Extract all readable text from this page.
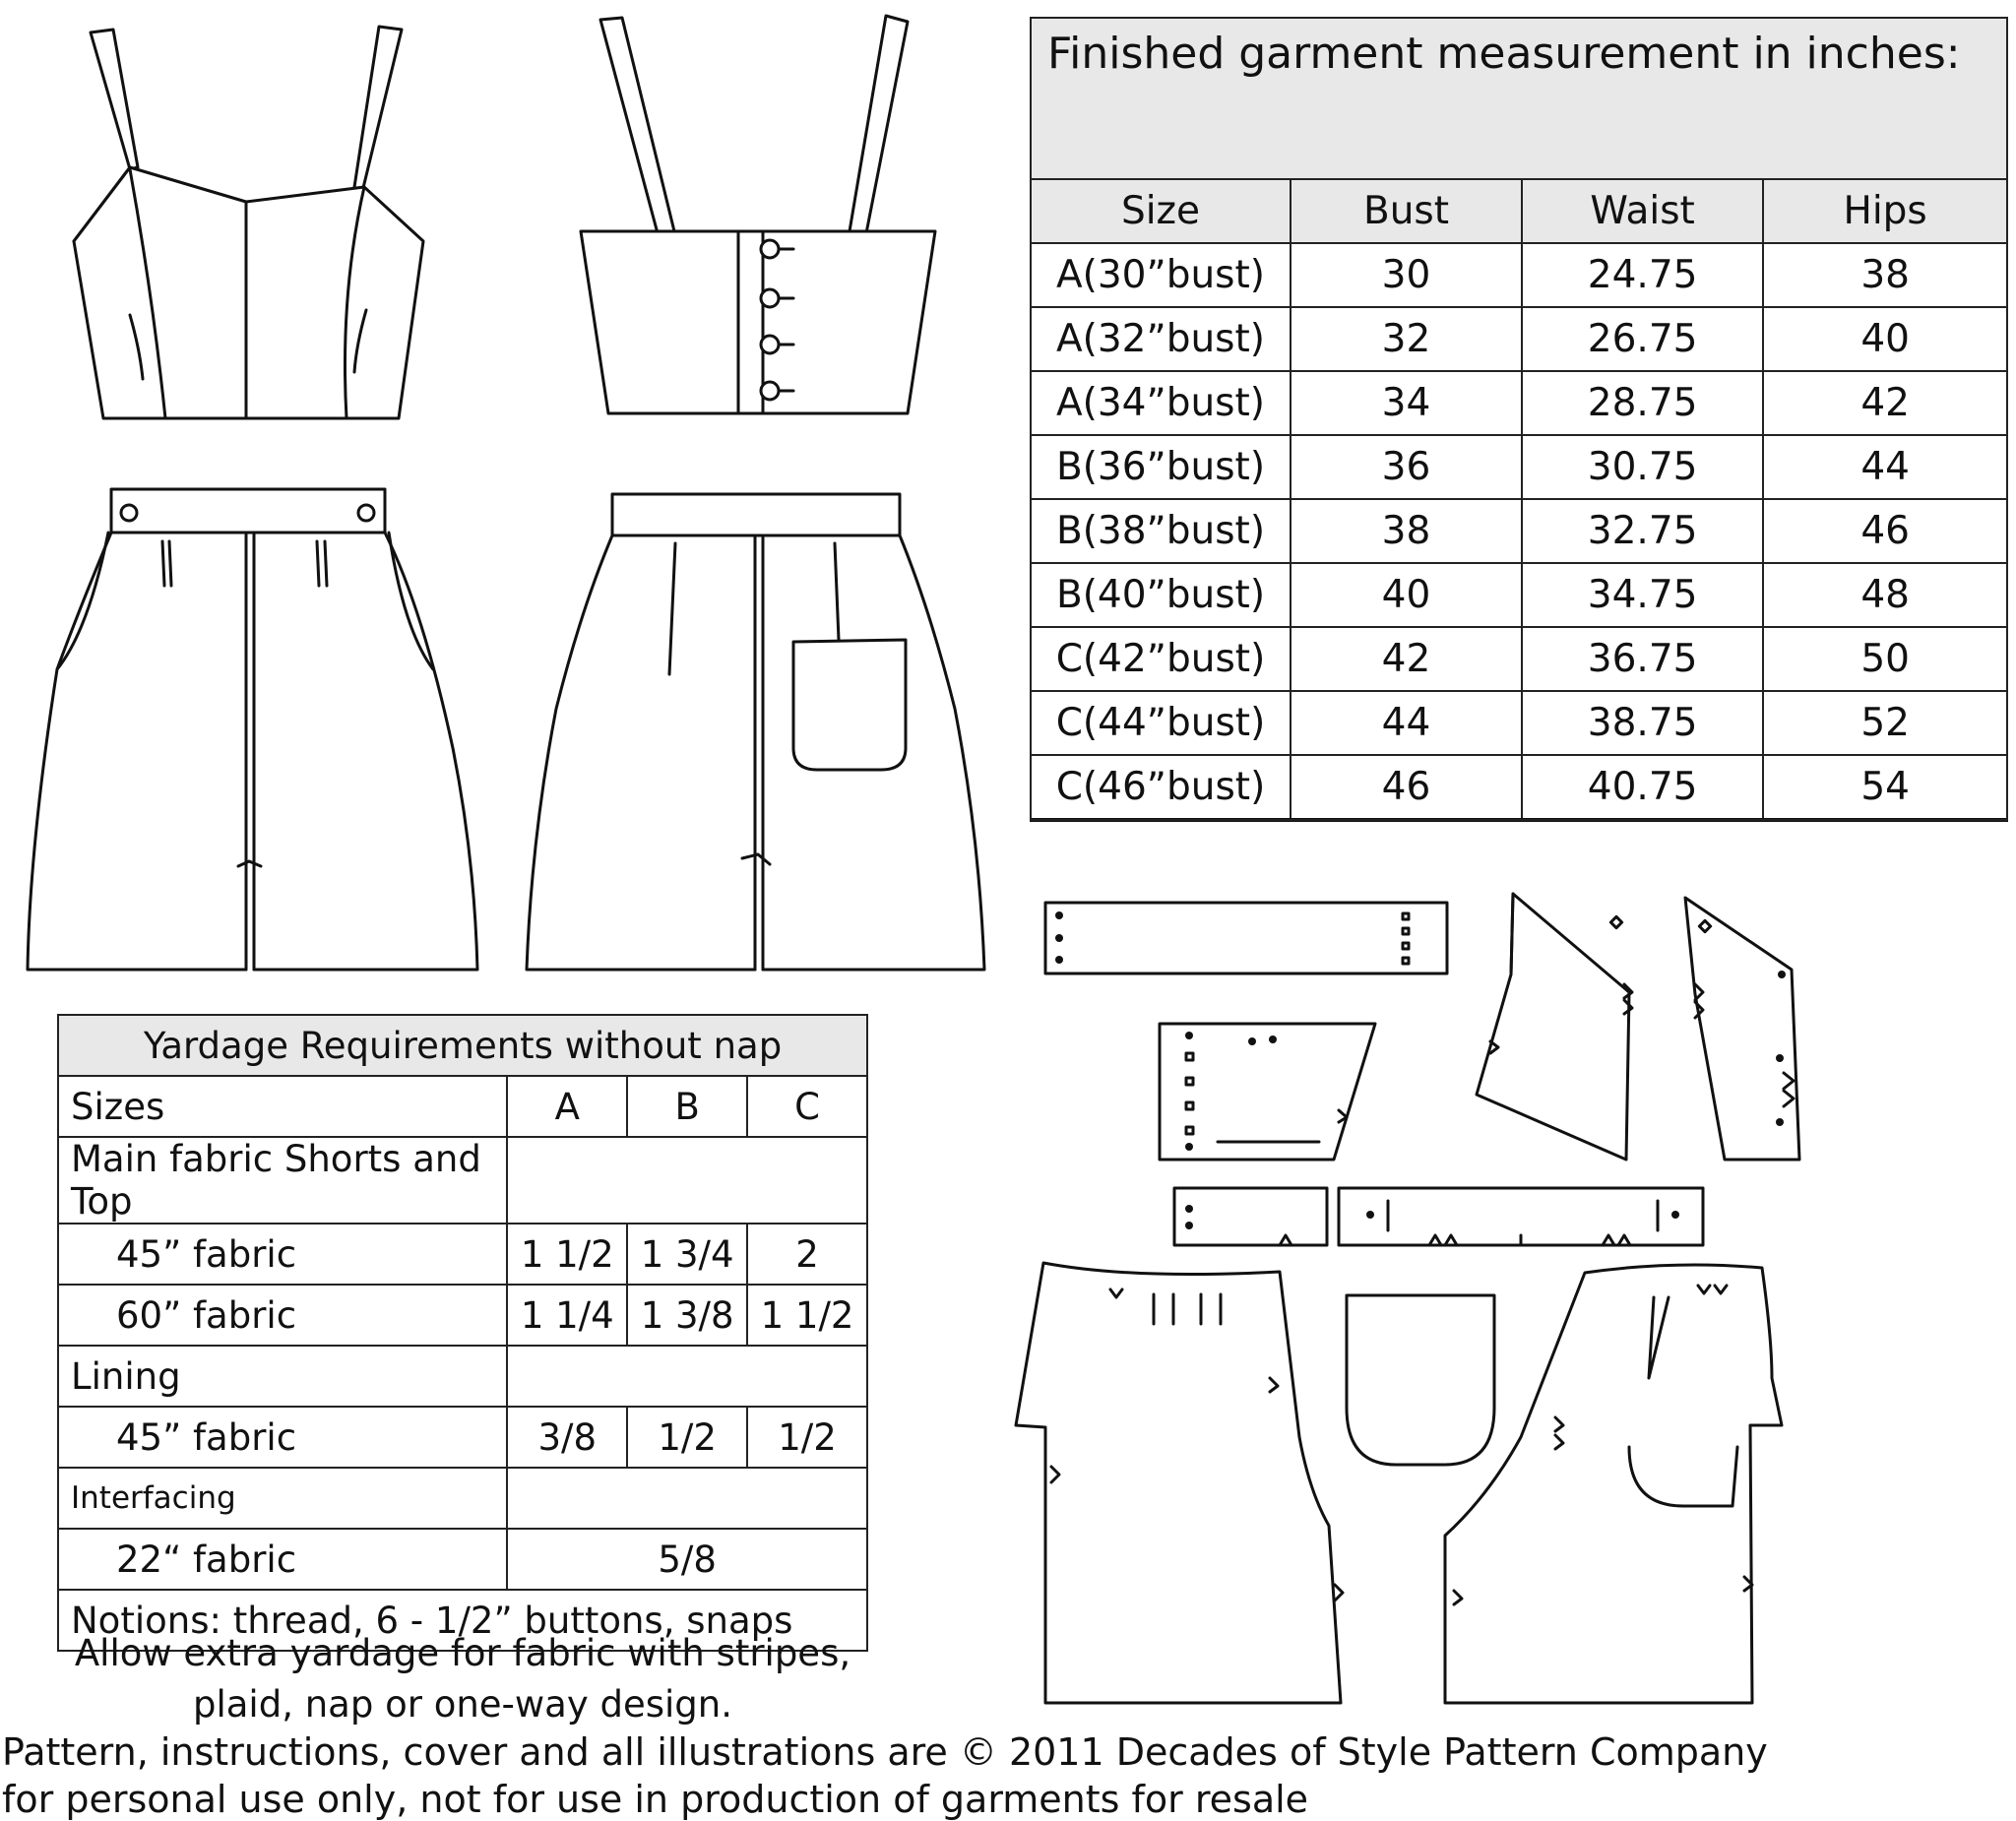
Finished garment measurement in inches:
Size	Bust	Waist	Hips
A(30”bust)	30	24.75	38
A(32”bust)	32	26.75	40
A(34”bust)	34	28.75	42
B(36”bust)	36	30.75	44
B(38”bust)	38	32.75	46
B(40”bust)	40	34.75	48
C(42”bust)	42	36.75	50
C(44”bust)	44	38.75	52
C(46”bust)	46	40.75	54
Yardage Requirements without nap			
Sizes	A	B	C
Main fabric Shorts and Top			
45” fabric	1 1/2	1 3/4	2
60” fabric	1 1/4	1 3/8	1 1/2
Lining			
45” fabric	3/8	1/2	1/2
Interfacing			
22“ fabric	5/8		
Notions: thread, 6 - 1/2” buttons, snaps			
Allow extra yardage for fabric with stripes,
plaid, nap or one-way design.
Pattern, instructions, cover and all illustrations are © 2011 Decades of Style Pattern Company
for personal use only, not for use in production of garments for resale
